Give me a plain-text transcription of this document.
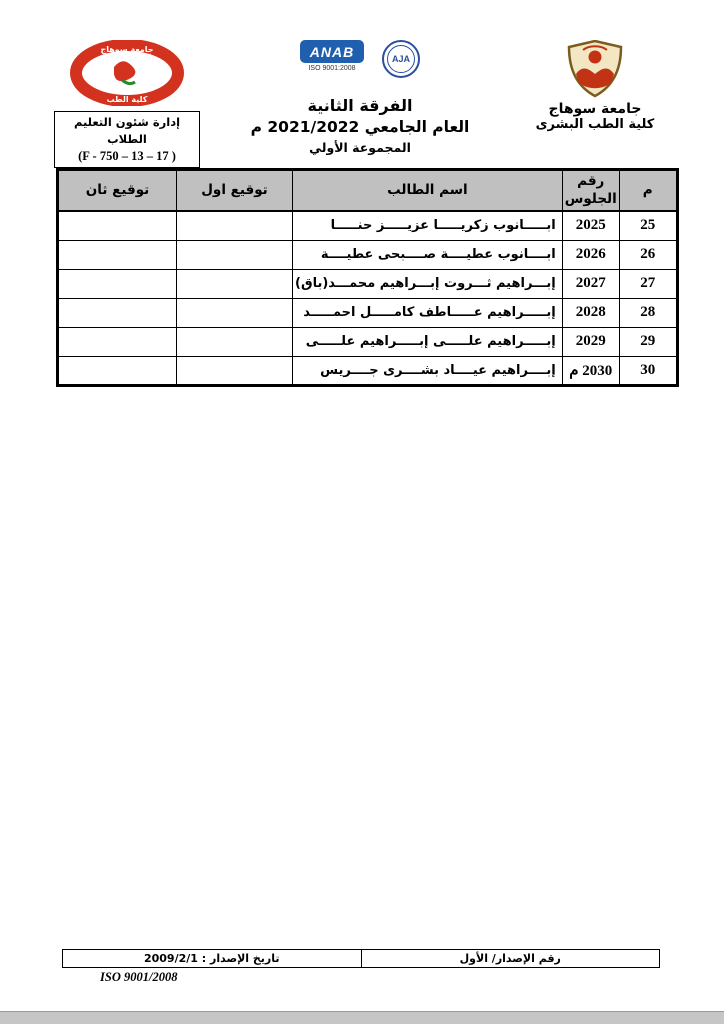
جامعة سوهاج
كلية الطب
إدارة شئون التعليم الطلاب
(F - 750 – 13 – 17 )
ANAB
ISO 9001:2008
AJA
الفرقة الثانية
العام الجامعي 2021/2022 م
المجموعة الأولي
جامعة سوهاج
كلية الطب البشرى
م	رقم الجلوس	اسم الطالب	توقيع اول	توقيع ثان
25	2025	ابـــــانوب زكريـــــا عزيـــــز حنـــــا		
26	2026	ابــــانوب عطيــــة صــــبحى عطيــــة		
27	2027	إبـــراهيم ثـــروت إبـــراهيم محمـــد(باق)		
28	2028	إبـــــراهيم عـــــاطف كامـــــل احمـــــد		
29	2029	إبـــــراهيم علـــــى إبـــــراهيم علـــــى		
30	2030 م	إبــــراهيم عيــــاد بشــــرى جــــريس		
رقم الإصدار/ الأول	تاريخ الإصدار : 2009/2/1
ISO 9001/2008
